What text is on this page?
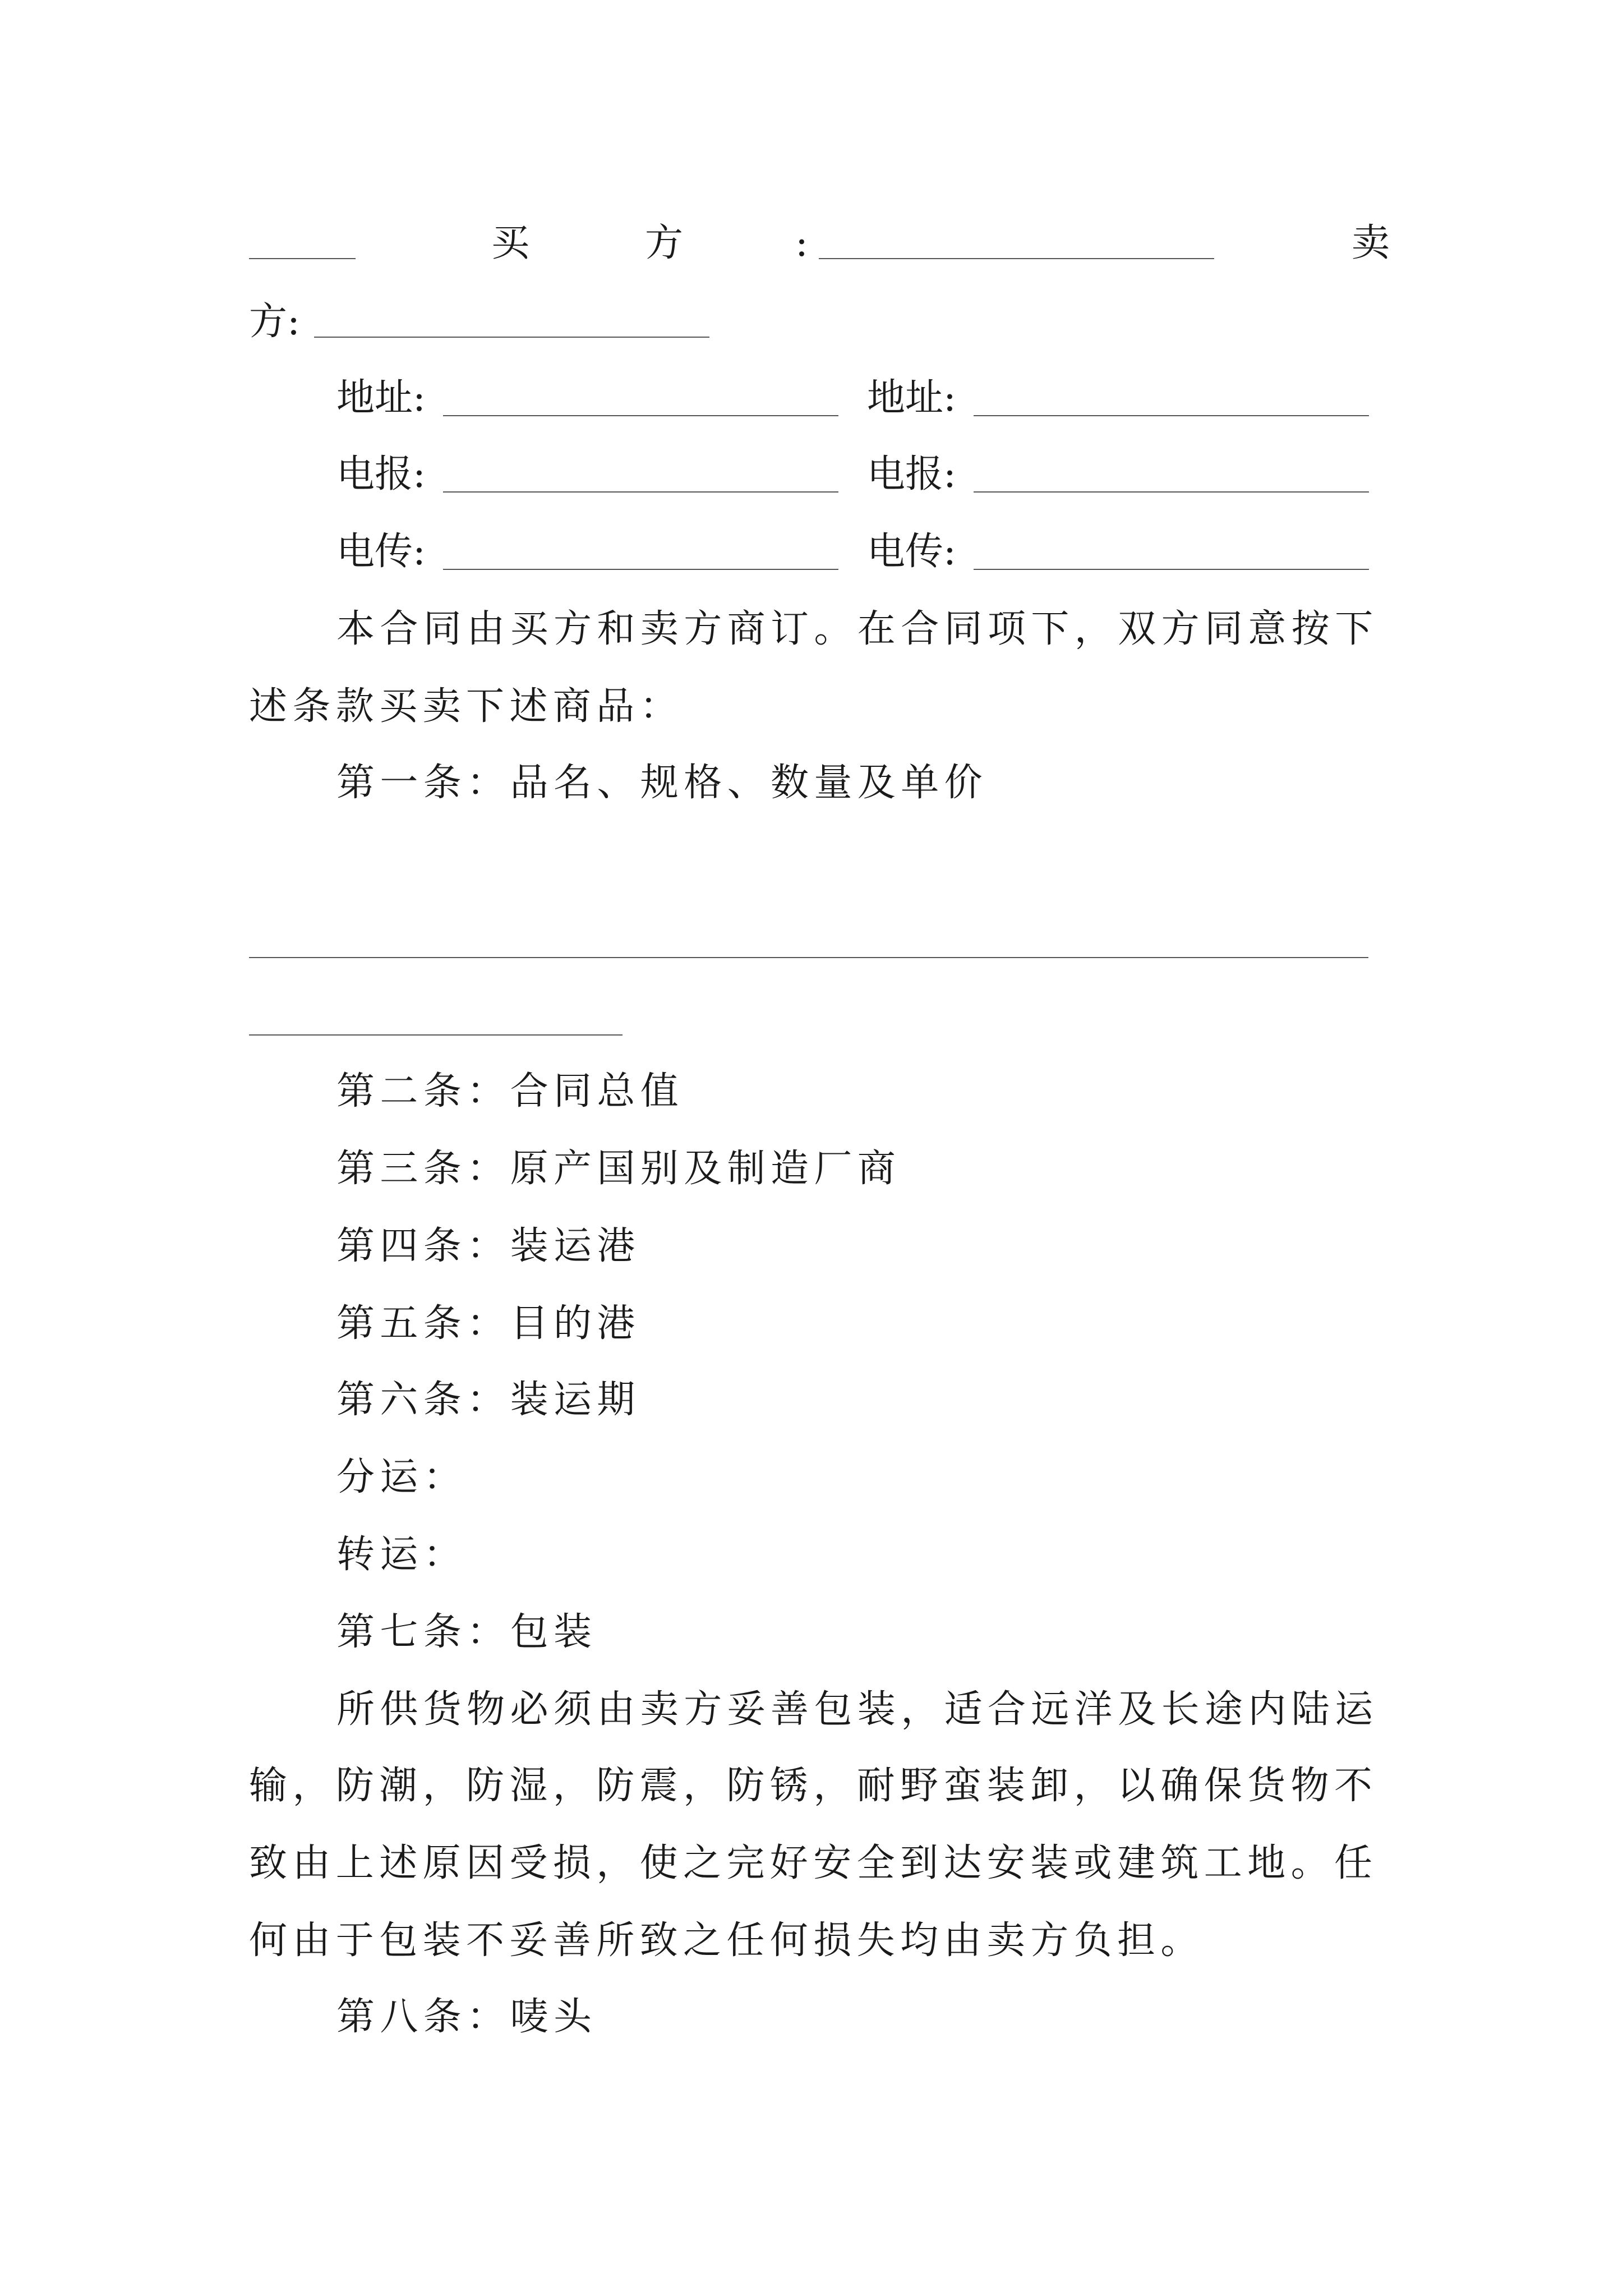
买	方	:	卖
方:
地址:	地址:
电报:	电报:
电传:	电传:
本合同由买方和卖方商订。在合同项下，双方同意按下
述条款买卖下述商品：
第一条：品名、规格、数量及单价
第二条：合同总值
第三条：原产国别及制造厂商
第四条：装运港
第五条：目的港
第六条：装运期
分运：
转运：
第七条：包装
所供货物必须由卖方妥善包装，适合远洋及长途内陆运
输，防潮，防湿，防震，防锈，耐野蛮装卸，以确保货物不
致由上述原因受损，使之完好安全到达安装或建筑工地。任
何由于包装不妥善所致之任何损失均由卖方负担。
第八条：唛头
